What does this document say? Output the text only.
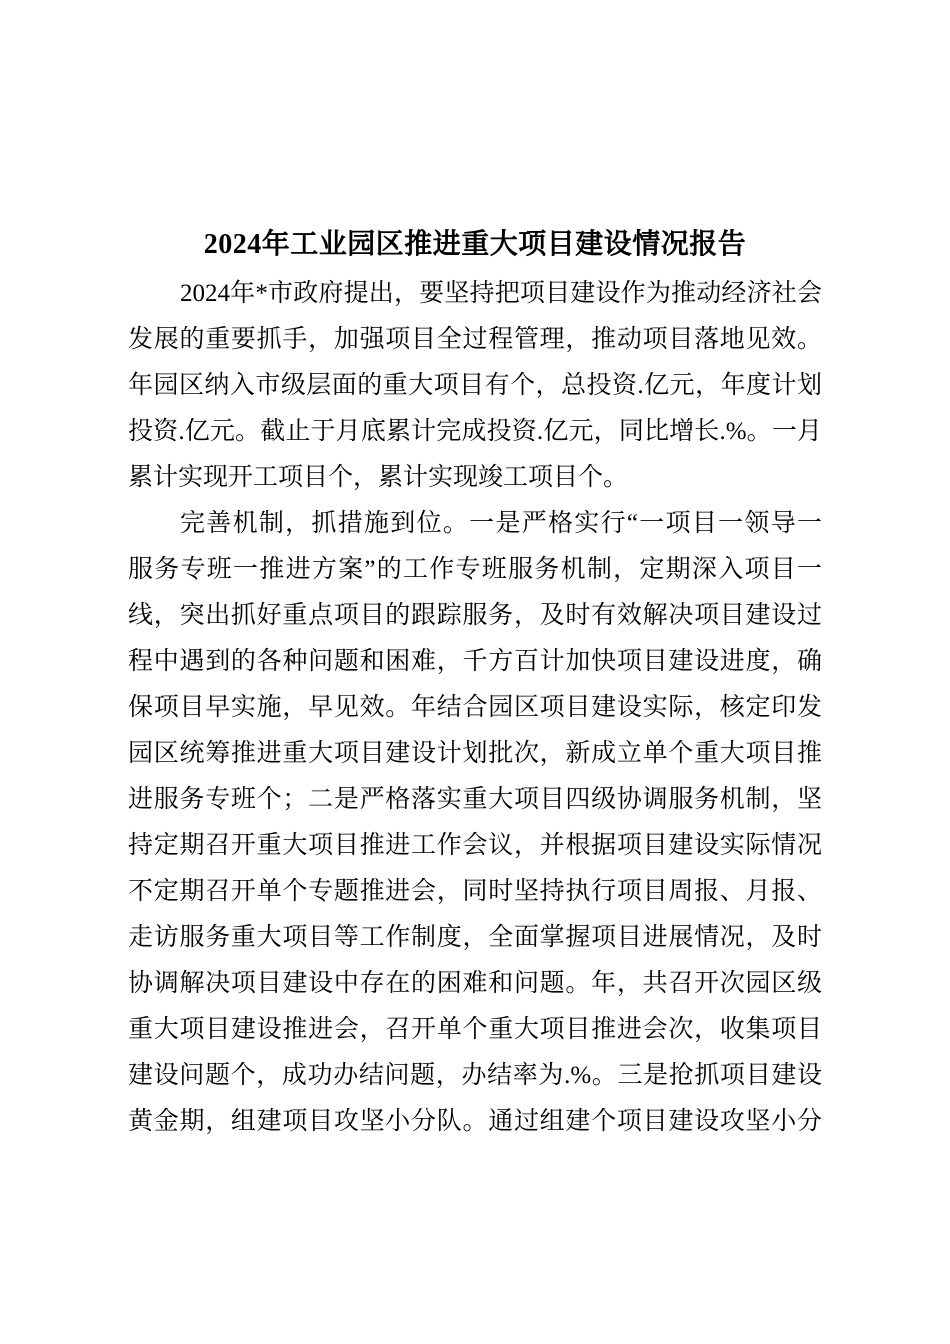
2024年工业园区推进重大项目建设情况报告
2024年*市政府提出，要坚持把项目建设作为推动经济社会
发展的重要抓手，加强项目全过程管理，推动项目落地见效。
年园区纳入市级层面的重大项目有个，总投资.亿元，年度计划
投资.亿元。截止于月底累计完成投资.亿元，同比增长.%。一月
累计实现开工项目个，累计实现竣工项目个。
完善机制，抓措施到位。一是严格实行“一项目一领导一
服务专班一推进方案”的工作专班服务机制，定期深入项目一
线，突出抓好重点项目的跟踪服务，及时有效解决项目建设过
程中遇到的各种问题和困难，千方百计加快项目建设进度，确
保项目早实施，早见效。年结合园区项目建设实际，核定印发
园区统筹推进重大项目建设计划批次，新成立单个重大项目推
进服务专班个；二是严格落实重大项目四级协调服务机制，坚
持定期召开重大项目推进工作会议，并根据项目建设实际情况
不定期召开单个专题推进会，同时坚持执行项目周报、月报、
走访服务重大项目等工作制度，全面掌握项目进展情况，及时
协调解决项目建设中存在的困难和问题。年，共召开次园区级
重大项目建设推进会，召开单个重大项目推进会次，收集项目
建设问题个，成功办结问题，办结率为.%。三是抢抓项目建设
黄金期，组建项目攻坚小分队。通过组建个项目建设攻坚小分
